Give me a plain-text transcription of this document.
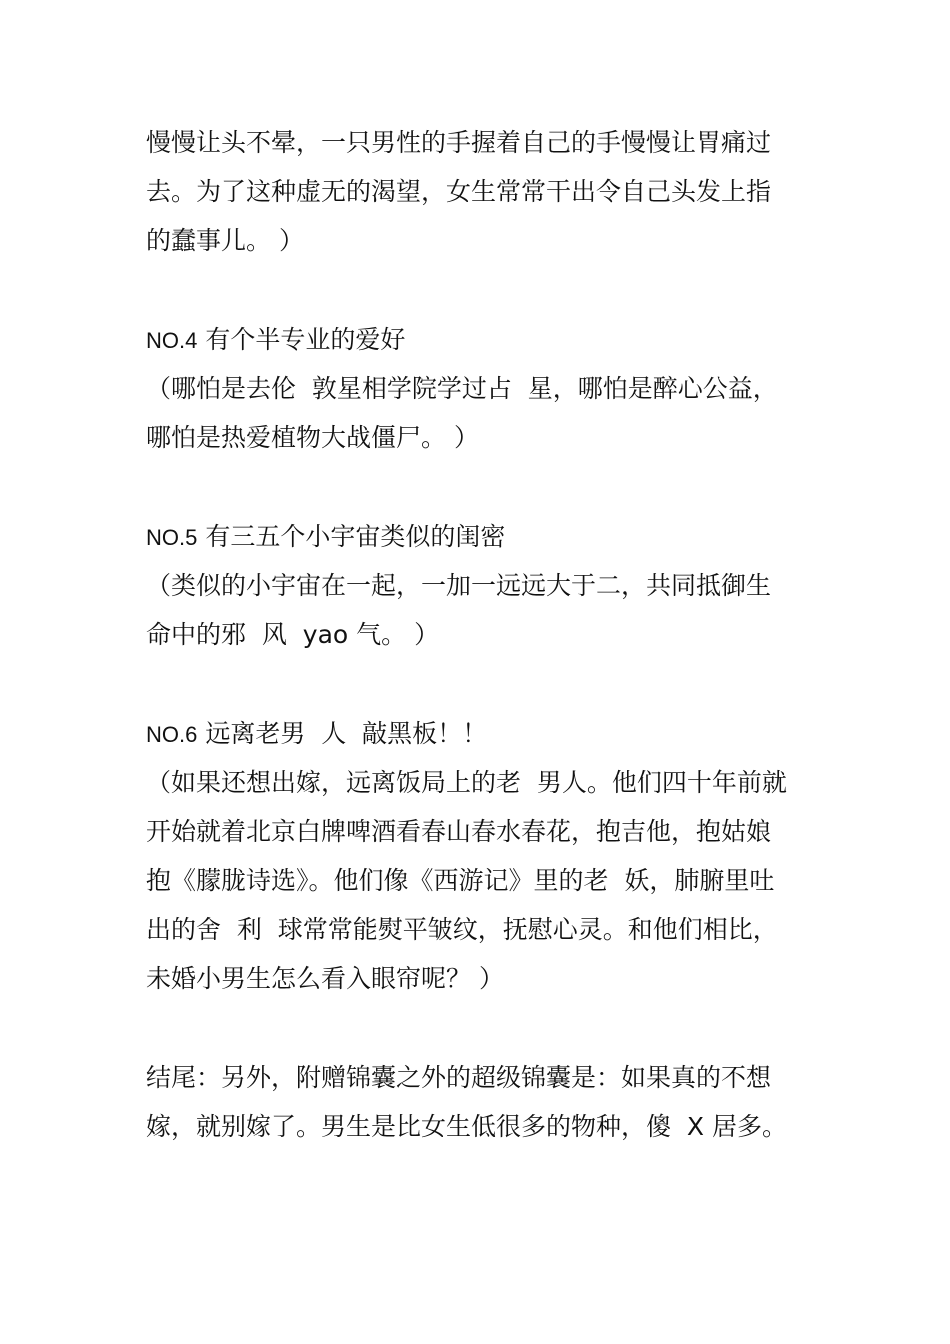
慢慢让头不晕，一只男性的手握着自己的手慢慢让胃痛过
去。为了这种虚无的渴望，女生常常干出令自己头发上指
的蠢事儿。 ）
NO.4 有个半专业的爱好
（哪怕是去伦  敦星相学院学过占  星，哪怕是醉心公益，
哪怕是热爱植物大战僵尸。 ）
NO.5 有三五个小宇宙类似的闺密
（类似的小宇宙在一起，一加一远远大于二，共同抵御生
命中的邪  风  yao 气。 ）
NO.6 远离老男  人  敲黑板！！
（如果还想出嫁，远离饭局上的老  男人。他们四十年前就
开始就着北京白牌啤酒看春山春水春花，抱吉他，抱姑娘
抱《朦胧诗选》。他们像《西游记》里的老  妖，肺腑里吐
出的舍  利  球常常能熨平皱纹，抚慰心灵。和他们相比，
未婚小男生怎么看入眼帘呢？ ）
结尾：另外，附赠锦囊之外的超级锦囊是：如果真的不想
嫁，就别嫁了。男生是比女生低很多的物种，傻  X 居多。
